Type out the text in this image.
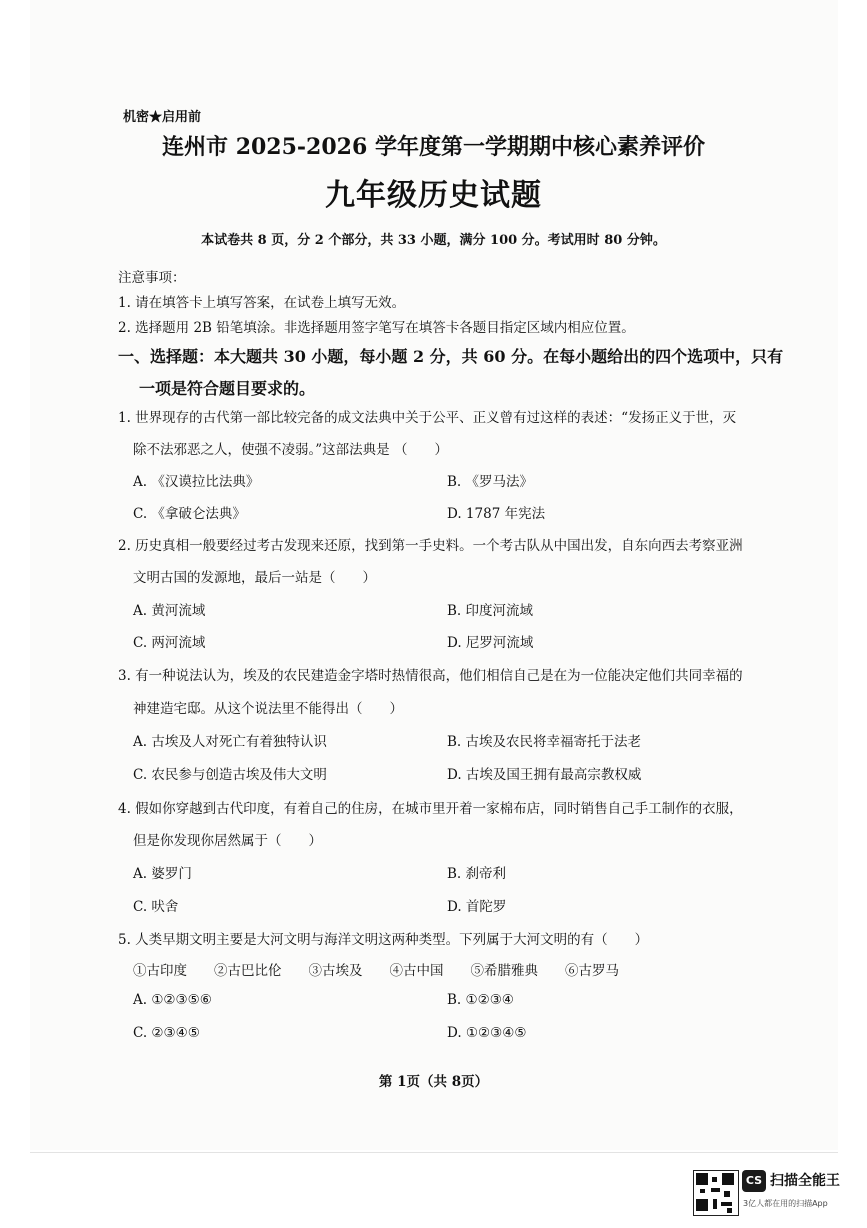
机密★启用前
连州市 2025-2026 学年度第一学期期中核心素养评价
九年级历史试题
本试卷共 8 页，分 2 个部分，共 33 小题，满分 100 分。考试用时 80 分钟。
注意事项：
1. 请在填答卡上填写答案，在试卷上填写无效。
2. 选择题用 2B 铅笔填涂。非选择题用签字笔写在填答卡各题目指定区域内相应位置。
一、选择题：本大题共 30 小题，每小题 2 分，共 60 分。在每小题给出的四个选项中，只有
一项是符合题目要求的。
1. 世界现存的古代第一部比较完备的成文法典中关于公平、正义曾有过这样的表述：“发扬正义于世，灭
除不法邪恶之人，使强不凌弱。”这部法典是 （　　）
A. 《汉谟拉比法典》	B. 《罗马法》
C. 《拿破仑法典》	D. 1787 年宪法
2. 历史真相一般要经过考古发现来还原，找到第一手史料。一个考古队从中国出发，自东向西去考察亚洲
文明古国的发源地，最后一站是（　　）
A. 黄河流域	B. 印度河流域
C. 两河流域	D. 尼罗河流域
3. 有一种说法认为，埃及的农民建造金字塔时热情很高，他们相信自己是在为一位能决定他们共同幸福的
神建造宅邸。从这个说法里不能得出（　　）
A. 古埃及人对死亡有着独特认识	B. 古埃及农民将幸福寄托于法老
C. 农民参与创造古埃及伟大文明	D. 古埃及国王拥有最高宗教权威
4. 假如你穿越到古代印度，有着自己的住房，在城市里开着一家棉布店，同时销售自己手工制作的衣服，
但是你发现你居然属于（　　）
A. 婆罗门	B. 刹帝利
C. 吠舍	D. 首陀罗
5. 人类早期文明主要是大河文明与海洋文明这两种类型。下列属于大河文明的有（　　）
①古印度 ②古巴比伦 ③古埃及 ④古中国 ⑤希腊雅典 ⑥古罗马
A. ①②③⑤⑥	B. ①②③④
C. ②③④⑤	D. ①②③④⑤
第 1页（共 8页）
CS 扫描全能王
3亿人都在用的扫描App
